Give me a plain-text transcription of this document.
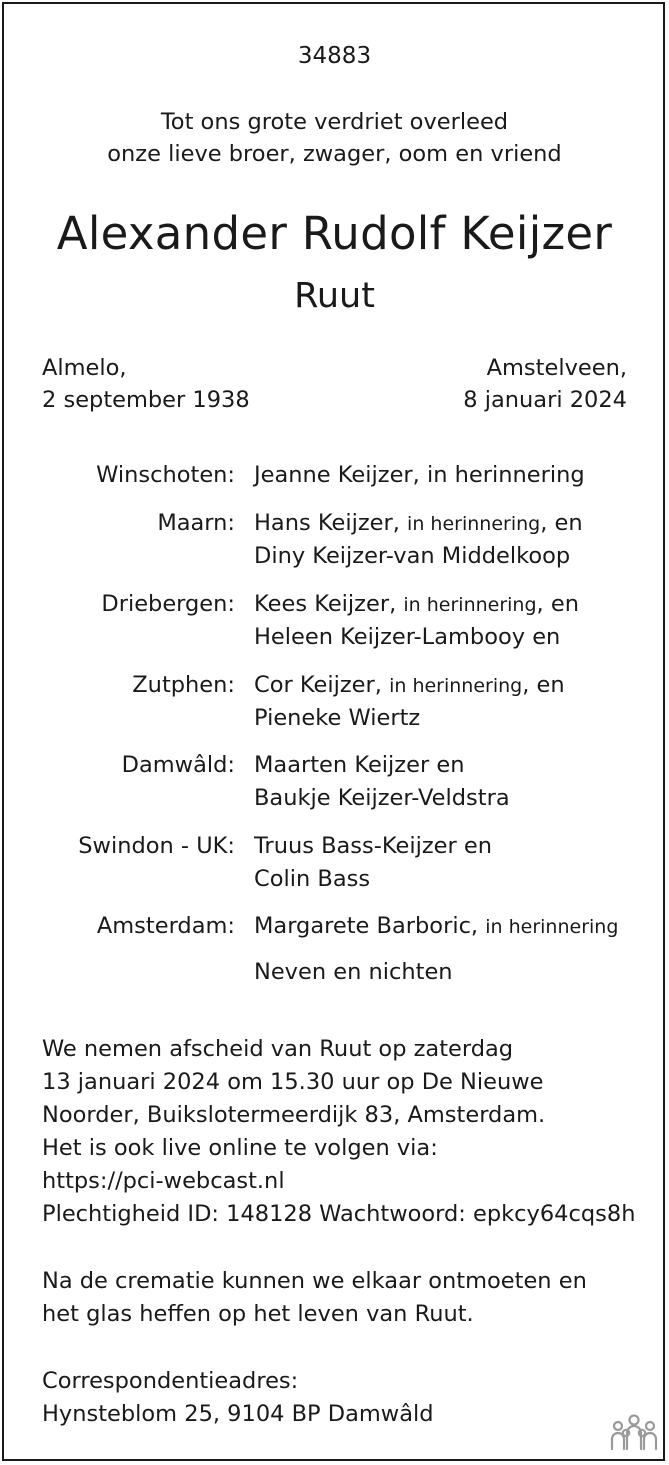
34883
Tot ons grote verdriet overleed
onze lieve broer, zwager, oom en vriend
Alexander Rudolf Keijzer
Ruut
Almelo,
2 september 1938
Amstelveen,
8 januari 2024
Winschoten: Jeanne Keijzer, in herinnering
Maarn: Hans Keijzer, in herinnering, en
Diny Keijzer-van Middelkoop
Driebergen: Kees Keijzer, in herinnering, en
Heleen Keijzer-Lambooy en
Zutphen: Cor Keijzer, in herinnering, en
Pieneke Wiertz
Damwâld: Maarten Keijzer en
Baukje Keijzer-Veldstra
Swindon - UK: Truus Bass-Keijzer en
Colin Bass
Amsterdam: Margarete Barboric, in herinnering
Neven en nichten
We nemen afscheid van Ruut op zaterdag
13 januari 2024 om 15.30 uur op De Nieuwe
Noorder, Buikslotermeerdijk 83, Amsterdam.
Het is ook live online te volgen via:
https://pci-webcast.nl
Plechtigheid ID: 148128 Wachtwoord: epkcy64cqs8h
Na de crematie kunnen we elkaar ontmoeten en
het glas heffen op het leven van Ruut.
Correspondentieadres:
Hynsteblom 25, 9104 BP Damwâld
